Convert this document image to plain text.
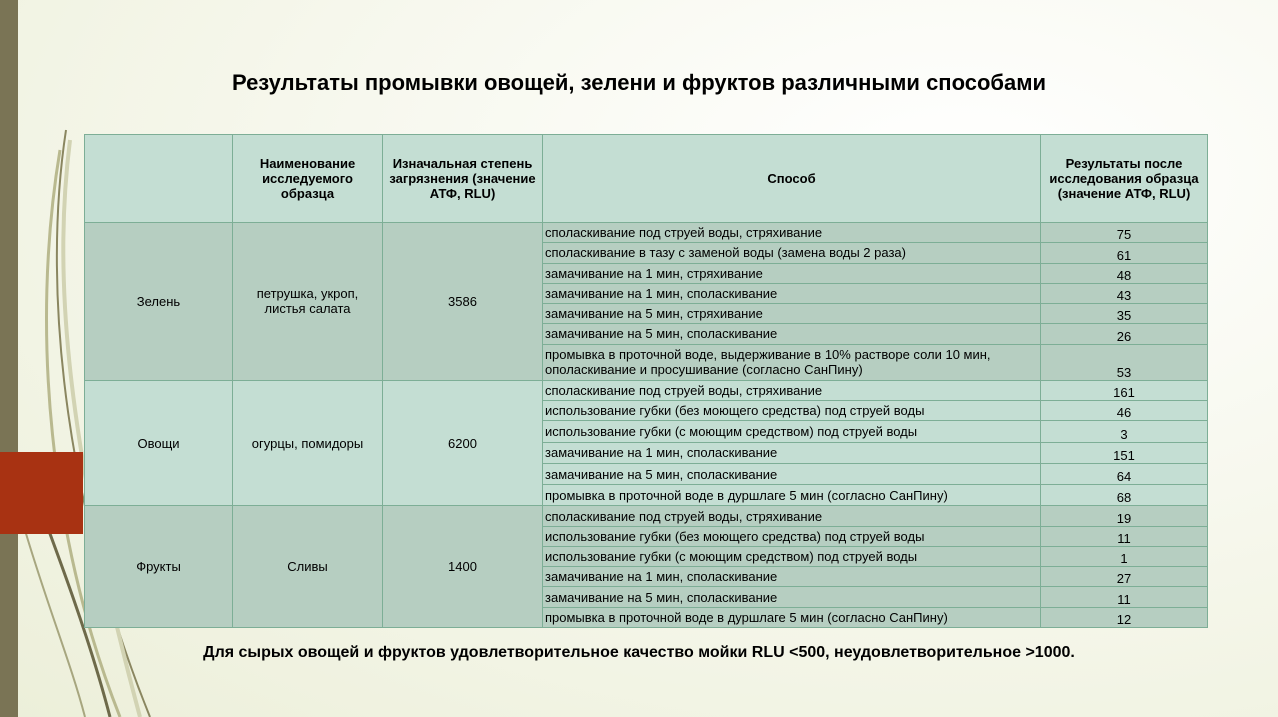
Результаты промывки овощей, зелени и фруктов различными способами
	Наименование исследуемого образца	Изначальная степень загрязнения (значение АТФ, RLU)	Способ	Результаты после исследования образца (значение АТФ, RLU)
Зелень	петрушка, укроп, листья салата	3586	споласкивание под струей воды, стряхивание	75
			споласкивание в тазу с заменой воды (замена воды 2 раза)	61
			замачивание на 1 мин, стряхивание	48
			замачивание на 1 мин, споласкивание	43
			замачивание на 5 мин, стряхивание	35
			замачивание на 5 мин, споласкивание	26
			промывка в проточной воде, выдерживание в 10% растворе соли 10 мин, ополаскивание и просушивание (согласно СанПину)	53
Овощи	огурцы, помидоры	6200	споласкивание под струей воды, стряхивание	161
			использование губки (без моющего средства) под струей воды	46
			использование губки (с моющим средством) под струей воды	3
			замачивание на 1 мин, споласкивание	151
			замачивание на 5 мин, споласкивание	64
			промывка в проточной воде в дуршлаге 5 мин (согласно СанПину)	68
Фрукты	Сливы	1400	споласкивание под струей воды, стряхивание	19
			использование губки (без моющего средства) под струей воды	11
			использование губки (с моющим средством) под струей воды	1
			замачивание на 1 мин, споласкивание	27
			замачивание на 5 мин, споласкивание	11
			промывка в проточной воде в дуршлаге 5 мин (согласно СанПину)	12
Для сырых овощей и фруктов удовлетворительное качество мойки RLU <500, неудовлетворительное >1000.
